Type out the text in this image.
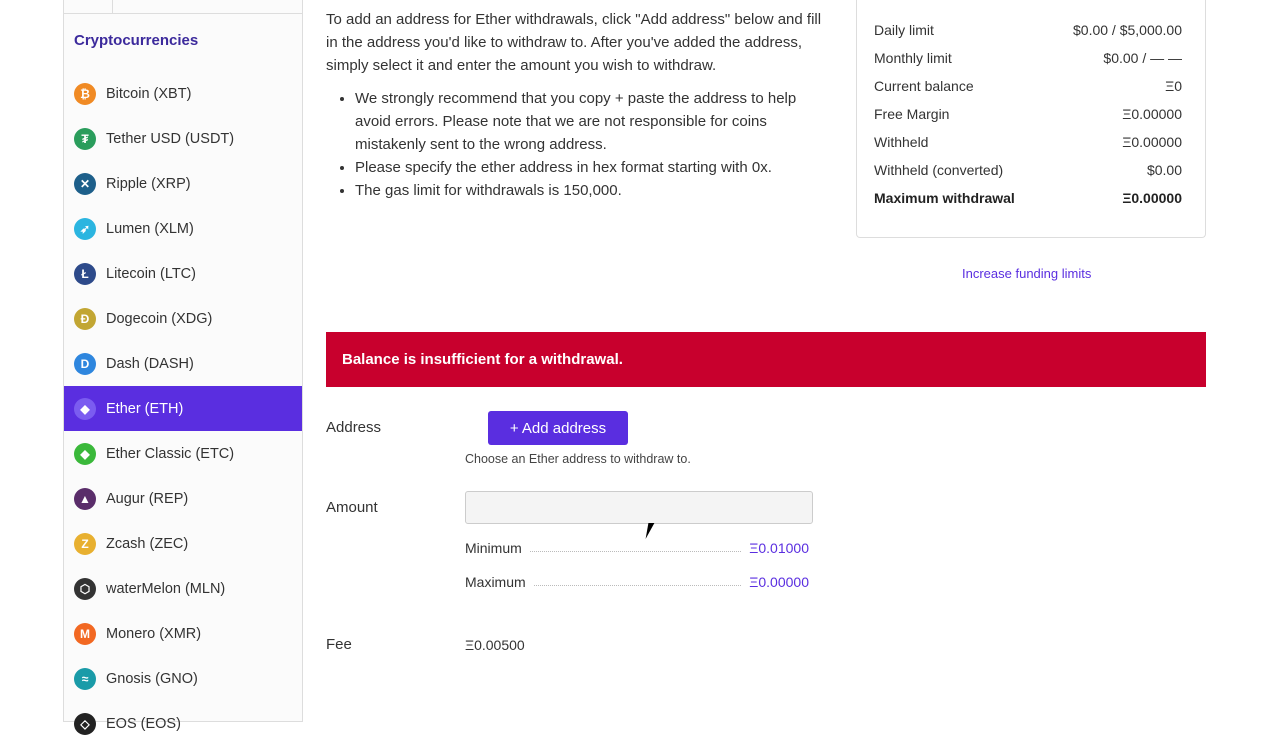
Cryptocurrencies
₿	Bitcoin (XBT)
₮	Tether USD (USDT)
✕	Ripple (XRP)
➶	Lumen (XLM)
Ł	Litecoin (LTC)
Ð	Dogecoin (XDG)
D	Dash (DASH)
◆	Ether (ETH)
◆	Ether Classic (ETC)
▲	Augur (REP)
Z	Zcash (ZEC)
⬡	waterMelon (MLN)
M	Monero (XMR)
≈	Gnosis (GNO)
◇	EOS (EOS)

To add an address for Ether withdrawals, click "Add address" below and fill in the address you'd like to withdraw to. After you've added the address, simply select it and enter the amount you wish to withdraw.

• We strongly recommend that you copy + paste the address to help avoid errors. Please note that we are not responsible for coins mistakenly sent to the wrong address.
• Please specify the ether address in hex format starting with 0x.
• The gas limit for withdrawals is 150,000.
Daily limit	$0.00 / $5,000.00
Monthly limit	$0.00 / — —
Current balance	Ξ0
Free Margin	Ξ0.00000
Withheld	Ξ0.00000
Withheld (converted)	$0.00
Maximum withdrawal	Ξ0.00000
Increase funding limits
Balance is insufficient for a withdrawal.
Address	+ Add address
Choose an Ether address to withdraw to.
Amount
Minimum	Ξ0.01000
Maximum	Ξ0.00000
Fee	Ξ0.00500
